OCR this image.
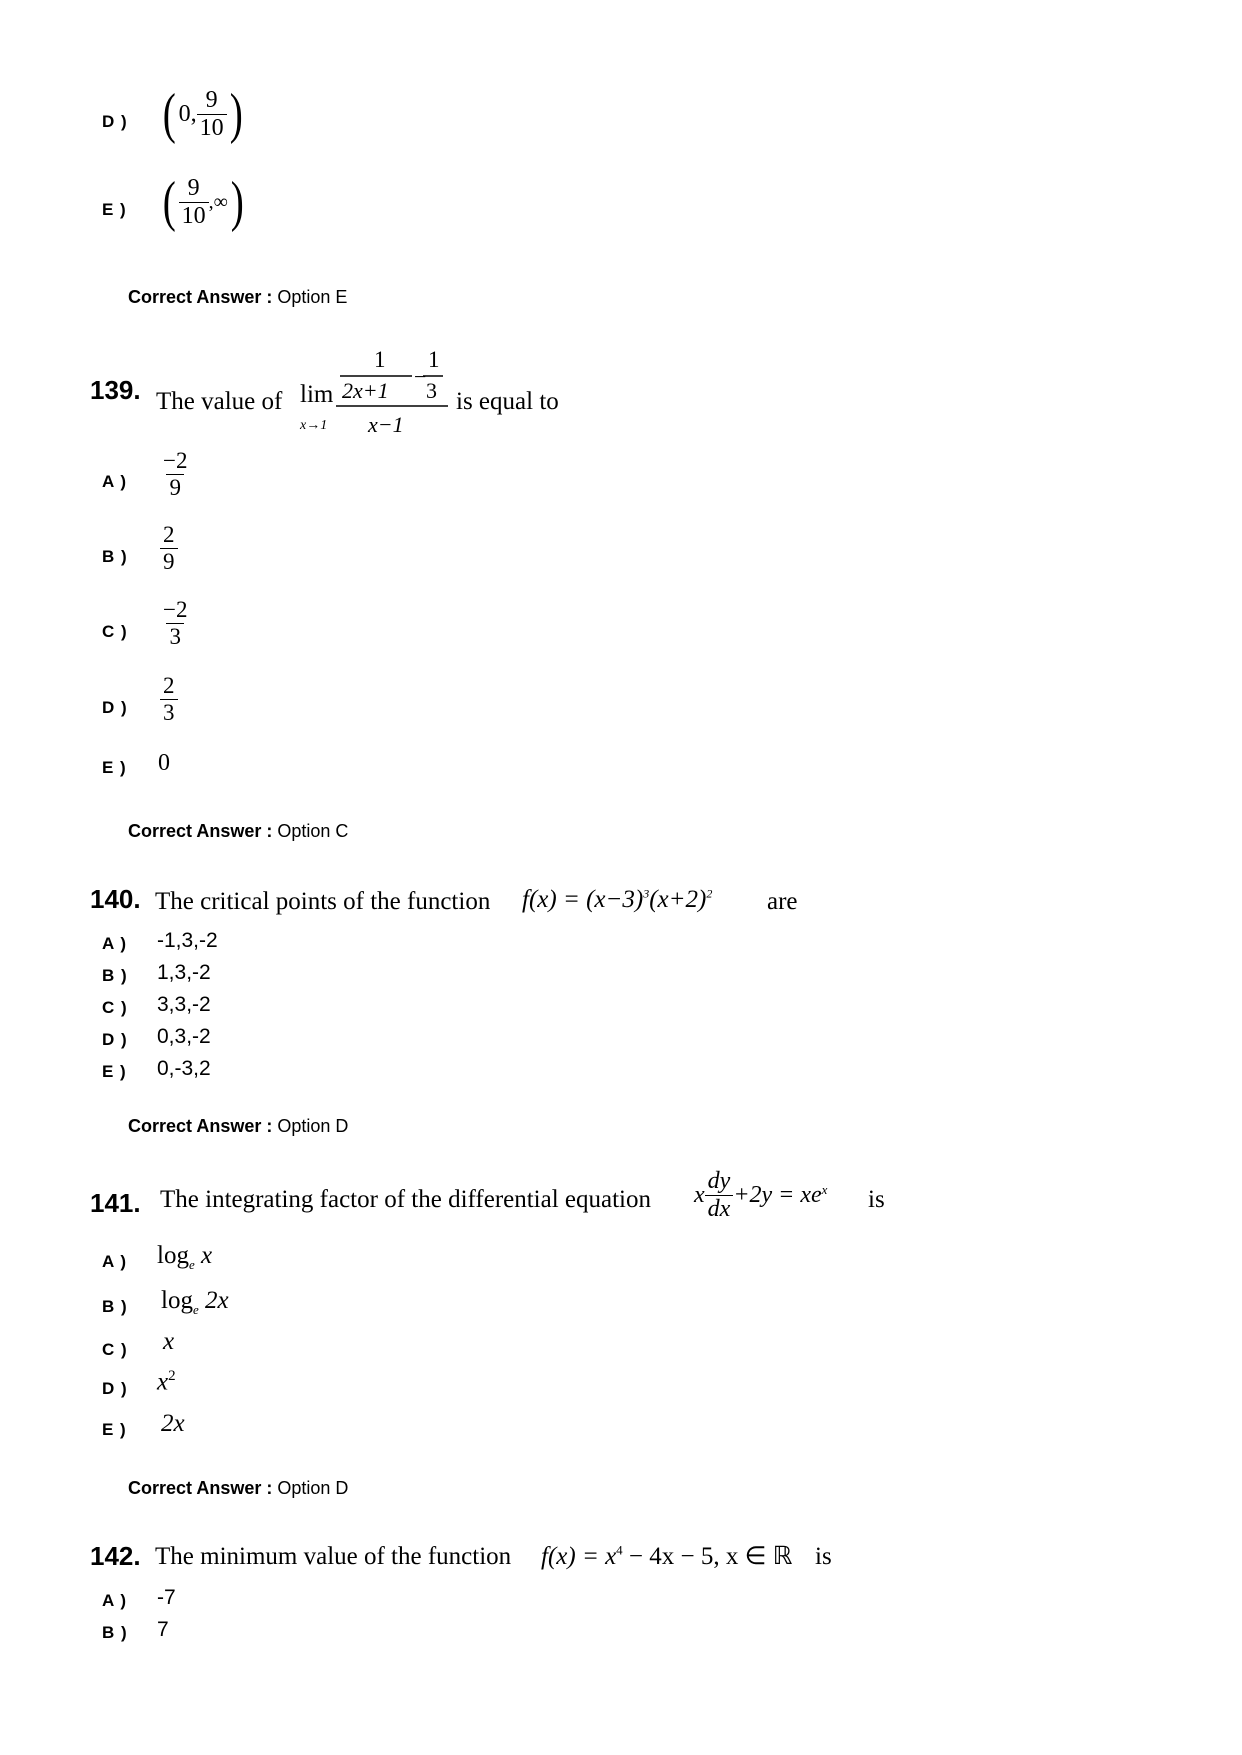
D ) ( 0, $\frac{9}{10}$ )
E ) ( $\frac{9}{10}$ ,∞ )
Correct Answer : Option E
139. The value of lim
x→1
1
2x+1
−
1
3
x−1
is equal to
A ) $\frac{-2}{9}$
B ) $\frac{2}{9}$
C ) $\frac{-2}{3}$
D ) $\frac{2}{3}$
E ) 0
Correct Answer : Option C
140. The critical points of the function $f(x) = (x-3)^3(x+2)^2$ are
A ) -1,3,-2
B ) 1,3,-2
C ) 3,3,-2
D ) 0,3,-2
E ) 0,-3,2
Correct Answer : Option D
141. The integrating factor of the differential equation x $\frac{dy}{dx} +2y = xe^x$ is
A ) $\log_e x$
B ) $\log_e 2x$
C ) x
D ) $x^2$
E ) 2x
Correct Answer : Option D
142. The minimum value of the function $f(x) = x^4 - 4x - 5$, x ∈ ℝ is
A ) -7
B ) 7
